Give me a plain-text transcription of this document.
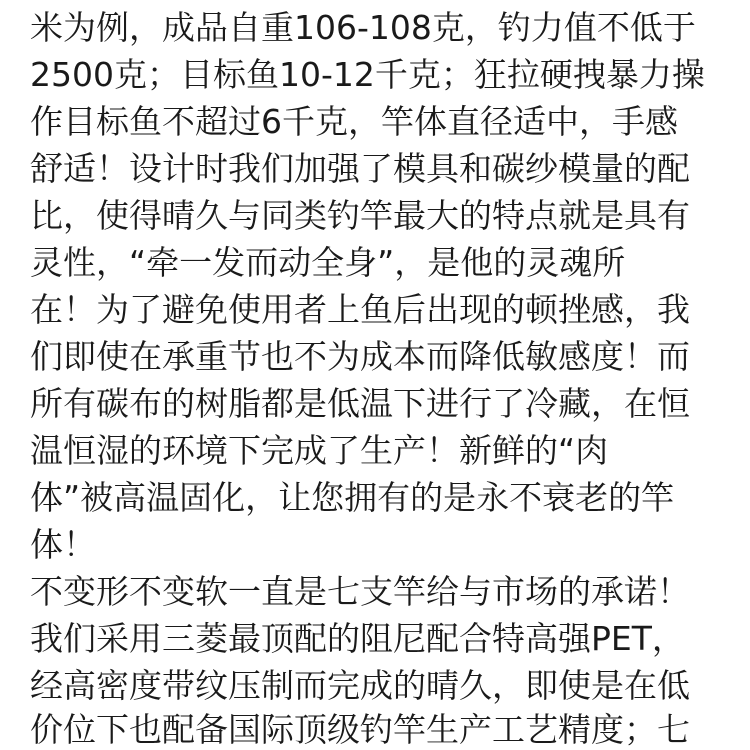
米为例，成品自重106-108克，钓力值不低于
2500克；目标鱼10-12千克；狂拉硬拽暴力操
作目标鱼不超过6千克，竿体直径适中，手感
舒适！设计时我们加强了模具和碳纱模量的配
比，使得晴久与同类钓竿最大的特点就是具有
灵性，“牵一发而动全身”，是他的灵魂所
在！为了避免使用者上鱼后出现的顿挫感，我
们即使在承重节也不为成本而降低敏感度！而
所有碳布的树脂都是低温下进行了冷藏，在恒
温恒湿的环境下完成了生产！新鲜的“肉
体”被高温固化，让您拥有的是永不衰老的竿
体！
不变形不变软一直是七支竿给与市场的承诺！
我们采用三菱最顶配的阻尼配合特高强PET，
经高密度带纹压制而完成的晴久，即使是在低
价位下也配备国际顶级钓竿生产工艺精度；七
